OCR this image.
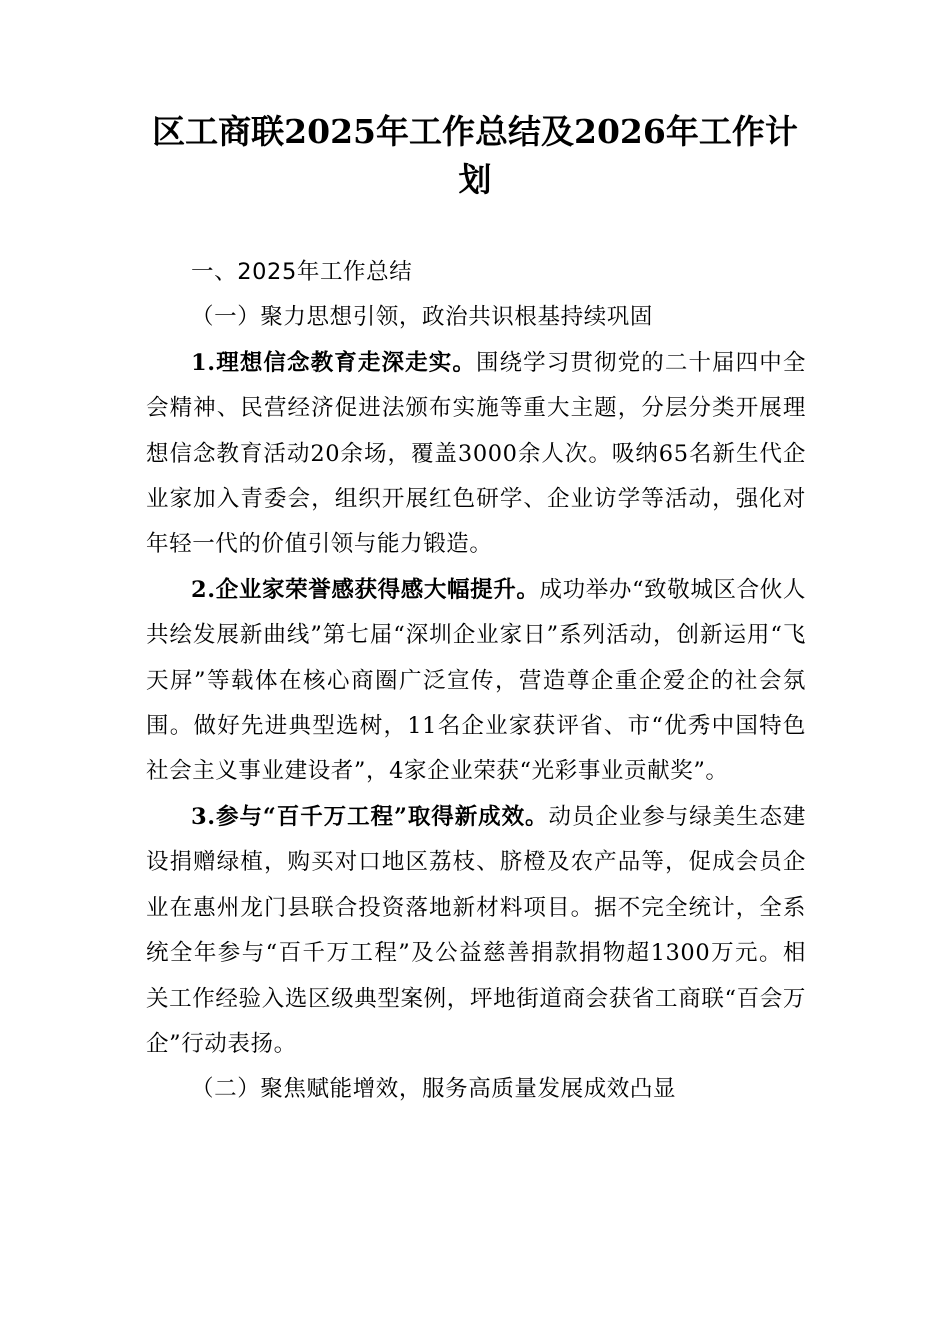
区工商联2025年工作总结及2026年工作计划

一、2025年工作总结

（一）聚力思想引领，政治共识根基持续巩固

1.理想信念教育走深走实。围绕学习贯彻党的二十届四中全会精神、民营经济促进法颁布实施等重大主题，分层分类开展理想信念教育活动20余场，覆盖3000余人次。吸纳65名新生代企业家加入青委会，组织开展红色研学、企业访学等活动，强化对年轻一代的价值引领与能力锻造。

2.企业家荣誉感获得感大幅提升。成功举办“致敬城区合伙人共绘发展新曲线”第七届“深圳企业家日”系列活动，创新运用“飞天屏”等载体在核心商圈广泛宣传，营造尊企重企爱企的社会氛围。做好先进典型选树，11名企业家获评省、市“优秀中国特色社会主义事业建设者”，4家企业荣获“光彩事业贡献奖”。

3.参与“百千万工程”取得新成效。动员企业参与绿美生态建设捐赠绿植，购买对口地区荔枝、脐橙及农产品等，促成会员企业在惠州龙门县联合投资落地新材料项目。据不完全统计，全系统全年参与“百千万工程”及公益慈善捐款捐物超1300万元。相关工作经验入选区级典型案例，坪地街道商会获省工商联“百会万企”行动表扬。

（二）聚焦赋能增效，服务高质量发展成效凸显
